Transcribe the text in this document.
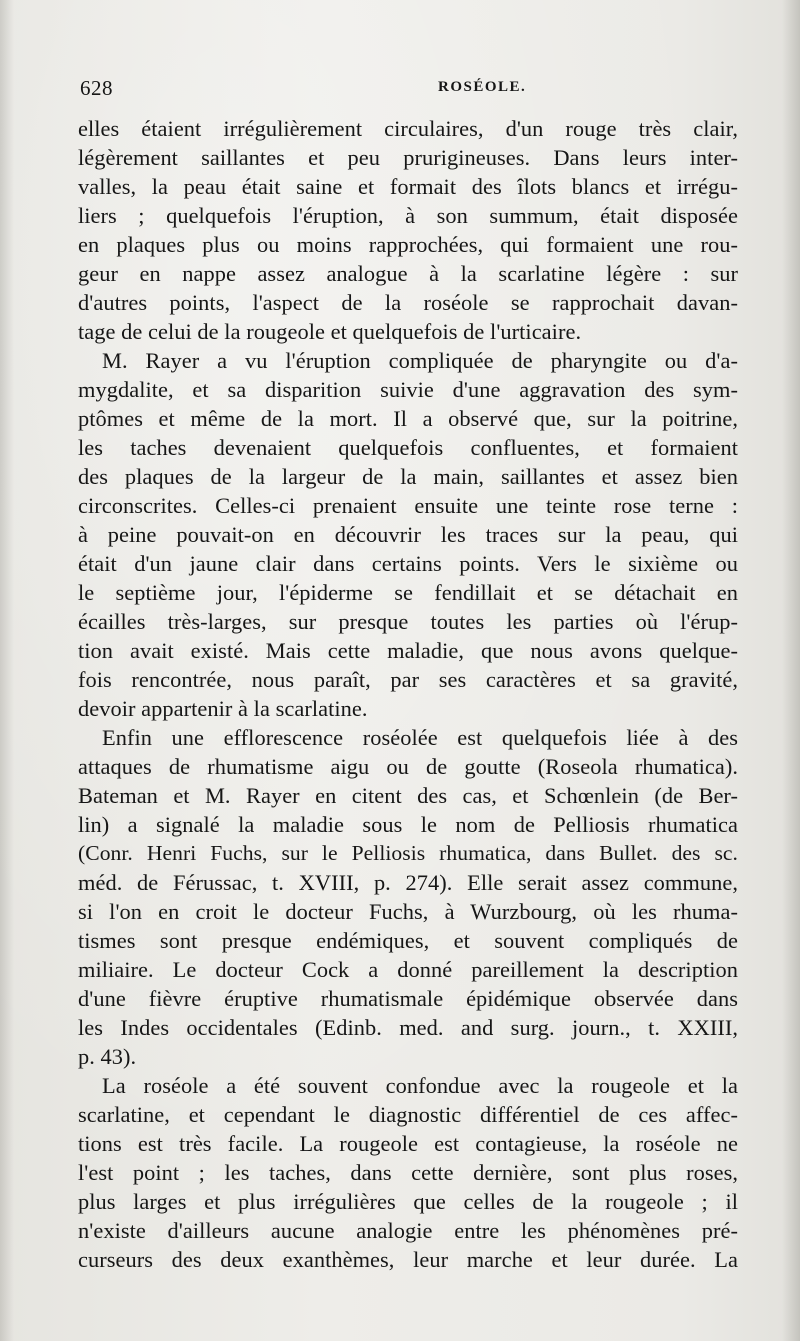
628	ROSÉOLE.
elles étaient irrégulièrement circulaires, d'un rouge très clair,
légèrement saillantes et peu prurigineuses. Dans leurs inter-
valles, la peau était saine et formait des îlots blancs et irrégu-
liers ; quelquefois l'éruption, à son summum, était disposée
en plaques plus ou moins rapprochées, qui formaient une rou-
geur en nappe assez analogue à la scarlatine légère : sur
d'autres points, l'aspect de la roséole se rapprochait davan-
tage de celui de la rougeole et quelquefois de l'urticaire.
M. Rayer a vu l'éruption compliquée de pharyngite ou d'a-
mygdalite, et sa disparition suivie d'une aggravation des sym-
ptômes et même de la mort. Il a observé que, sur la poitrine,
les taches devenaient quelquefois confluentes, et formaient
des plaques de la largeur de la main, saillantes et assez bien
circonscrites. Celles-ci prenaient ensuite une teinte rose terne :
à peine pouvait-on en découvrir les traces sur la peau, qui
était d'un jaune clair dans certains points. Vers le sixième ou
le septième jour, l'épiderme se fendillait et se détachait en
écailles très-larges, sur presque toutes les parties où l'érup-
tion avait existé. Mais cette maladie, que nous avons quelque-
fois rencontrée, nous paraît, par ses caractères et sa gravité,
devoir appartenir à la scarlatine.
Enfin une efflorescence roséolée est quelquefois liée à des
attaques de rhumatisme aigu ou de goutte (Roseola rhumatica).
Bateman et M. Rayer en citent des cas, et Schœnlein (de Ber-
lin) a signalé la maladie sous le nom de Pelliosis rhumatica
(Conr. Henri Fuchs, sur le Pelliosis rhumatica, dans Bullet. des sc.
méd. de Férussac, t. XVIII, p. 274). Elle serait assez commune,
si l'on en croit le docteur Fuchs, à Wurzbourg, où les rhuma-
tismes sont presque endémiques, et souvent compliqués de
miliaire. Le docteur Cock a donné pareillement la description
d'une fièvre éruptive rhumatismale épidémique observée dans
les Indes occidentales (Edinb. med. and surg. journ., t. XXIII,
p. 43).
La roséole a été souvent confondue avec la rougeole et la
scarlatine, et cependant le diagnostic différentiel de ces affec-
tions est très facile. La rougeole est contagieuse, la roséole ne
l'est point ; les taches, dans cette dernière, sont plus roses,
plus larges et plus irrégulières que celles de la rougeole ; il
n'existe d'ailleurs aucune analogie entre les phénomènes pré-
curseurs des deux exanthèmes, leur marche et leur durée. La
